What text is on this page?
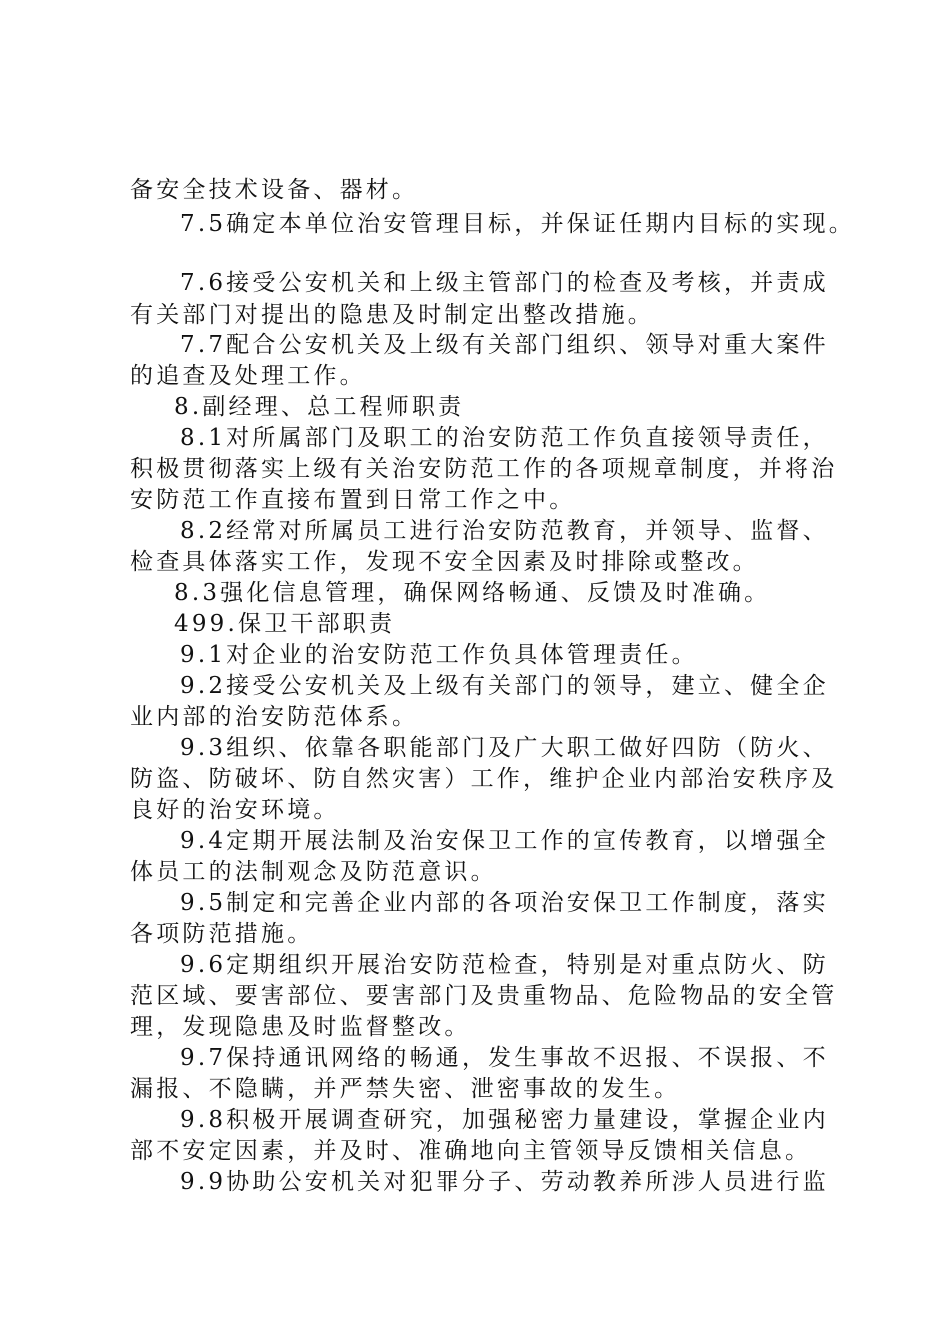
备安全技术设备、器材。
7.5确定本单位治安管理目标，并保证任期内目标的实现。
7.6接受公安机关和上级主管部门的检查及考核，并责成
有关部门对提出的隐患及时制定出整改措施。
7.7配合公安机关及上级有关部门组织、领导对重大案件
的追查及处理工作。
8.副经理、总工程师职责
8.1对所属部门及职工的治安防范工作负直接领导责任，
积极贯彻落实上级有关治安防范工作的各项规章制度，并将治
安防范工作直接布置到日常工作之中。
8.2经常对所属员工进行治安防范教育，并领导、监督、
检查具体落实工作，发现不安全因素及时排除或整改。
8.3强化信息管理，确保网络畅通、反馈及时准确。
499.保卫干部职责
9.1对企业的治安防范工作负具体管理责任。
9.2接受公安机关及上级有关部门的领导，建立、健全企
业内部的治安防范体系。
9.3组织、依靠各职能部门及广大职工做好四防（防火、
防盗、防破坏、防自然灾害）工作，维护企业内部治安秩序及
良好的治安环境。
9.4定期开展法制及治安保卫工作的宣传教育，以增强全
体员工的法制观念及防范意识。
9.5制定和完善企业内部的各项治安保卫工作制度，落实
各项防范措施。
9.6定期组织开展治安防范检查，特别是对重点防火、防
范区域、要害部位、要害部门及贵重物品、危险物品的安全管
理，发现隐患及时监督整改。
9.7保持通讯网络的畅通，发生事故不迟报、不误报、不
漏报、不隐瞒，并严禁失密、泄密事故的发生。
9.8积极开展调查研究，加强秘密力量建设，掌握企业内
部不安定因素，并及时、准确地向主管领导反馈相关信息。
9.9协助公安机关对犯罪分子、劳动教养所涉人员进行监
